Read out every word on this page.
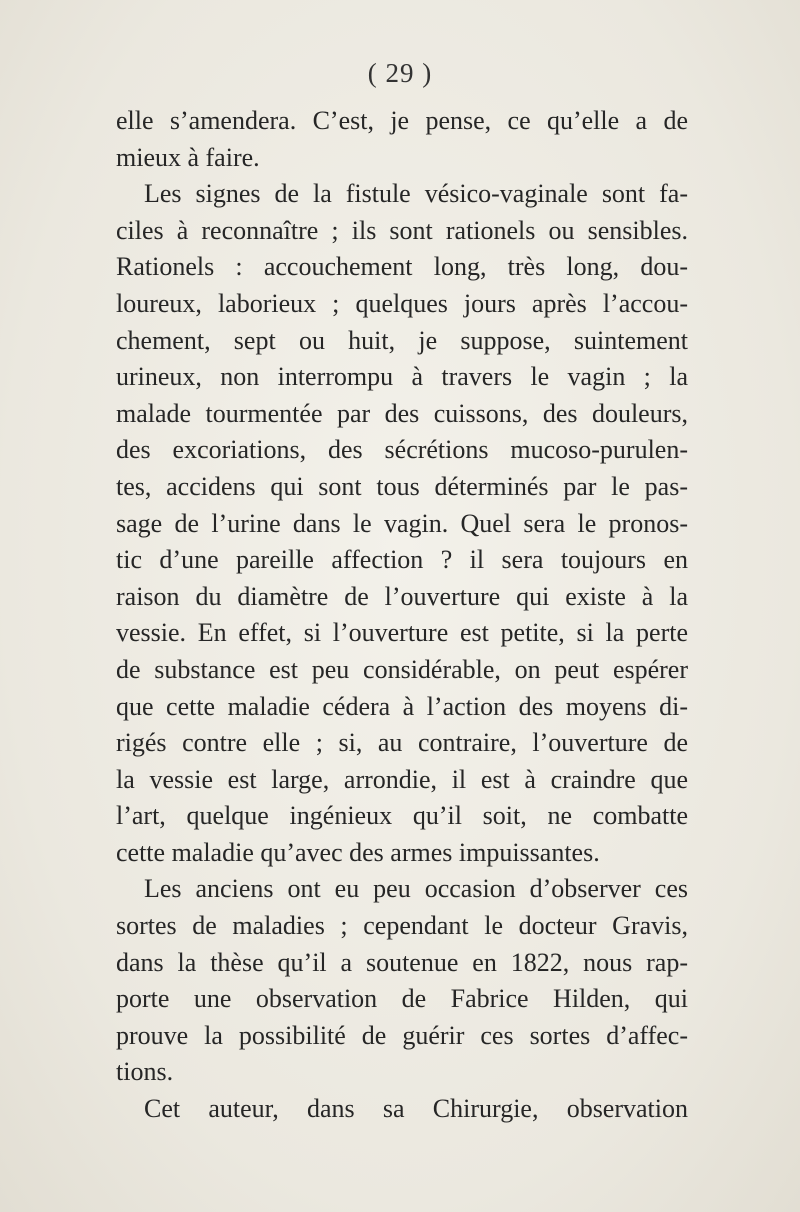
( 29 )
elle s’amendera. C’est, je pense, ce qu’elle a de
mieux à faire.
Les signes de la fistule vésico-vaginale sont fa-
ciles à reconnaître ; ils sont rationels ou sensibles.
Rationels : accouchement long, très long, dou-
loureux, laborieux ; quelques jours après l’accou-
chement, sept ou huit, je suppose, suintement
urineux, non interrompu à travers le vagin ; la
malade tourmentée par des cuissons, des douleurs,
des excoriations, des sécrétions mucoso-purulen-
tes, accidens qui sont tous déterminés par le pas-
sage de l’urine dans le vagin. Quel sera le pronos-
tic d’une pareille affection ? il sera toujours en
raison du diamètre de l’ouverture qui existe à la
vessie. En effet, si l’ouverture est petite, si la perte
de substance est peu considérable, on peut espérer
que cette maladie cédera à l’action des moyens di-
rigés contre elle ; si, au contraire, l’ouverture de
la vessie est large, arrondie, il est à craindre que
l’art, quelque ingénieux qu’il soit, ne combatte
cette maladie qu’avec des armes impuissantes.
Les anciens ont eu peu occasion d’observer ces
sortes de maladies ; cependant le docteur Gravis,
dans la thèse qu’il a soutenue en 1822, nous rap-
porte une observation de Fabrice Hilden, qui
prouve la possibilité de guérir ces sortes d’affec-
tions.
Cet auteur, dans sa Chirurgie, observation
